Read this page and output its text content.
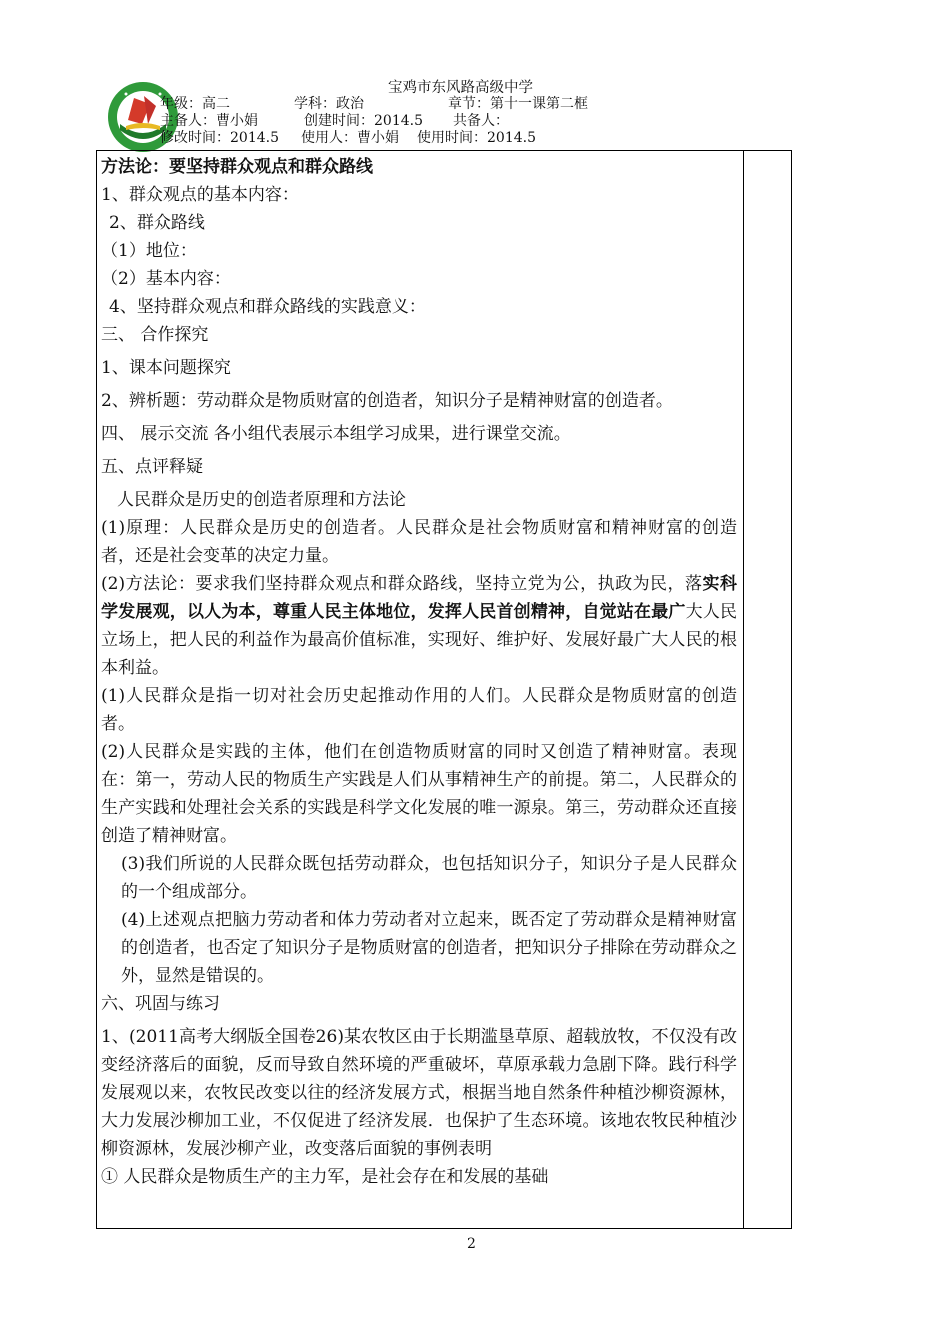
宝鸡市东风路高级中学
年级：高二	学科：政治	章节：第十一课第二框
主备人：曹小娟	创建时间：2014.5 共备人：
修改时间：2014.5 使用人：曹小娟 使用时间：2014.5

方法论：要坚持群众观点和群众路线

1、群众观点的基本内容：

2、群众路线

（1）地位：

（2）基本内容：

4、坚持群众观点和群众路线的实践意义：

三、 合作探究

1、课本问题探究

2、辨析题：劳动群众是物质财富的创造者，知识分子是精神财富的创造者。

四、 展示交流 各小组代表展示本组学习成果，进行课堂交流。

五、点评释疑

人民群众是历史的创造者原理和方法论

(1)原理：人民群众是历史的创造者。人民群众是社会物质财富和精神财富的创造者，还是社会变革的决定力量。

(2)方法论：要求我们坚持群众观点和群众路线，坚持立党为公，执政为民，落实科学发展观，以人为本，尊重人民主体地位，发挥人民首创精神，自觉站在最广大人民立场上，把人民的利益作为最高价值标准，实现好、维护好、发展好最广大人民的根本利益。

(1)人民群众是指一切对社会历史起推动作用的人们。人民群众是物质财富的创造者。

(2)人民群众是实践的主体，他们在创造物质财富的同时又创造了精神财富。表现在：第一，劳动人民的物质生产实践是人们从事精神生产的前提。第二，人民群众的生产实践和处理社会关系的实践是科学文化发展的唯一源泉。第三，劳动群众还直接创造了精神财富。

(3)我们所说的人民群众既包括劳动群众，也包括知识分子，知识分子是人民群众的一个组成部分。

(4)上述观点把脑力劳动者和体力劳动者对立起来，既否定了劳动群众是精神财富的创造者，也否定了知识分子是物质财富的创造者，把知识分子排除在劳动群众之外，显然是错误的。

六、巩固与练习

1、(2011高考大纲版全国卷26)某农牧区由于长期滥垦草原、超载放牧，不仅没有改变经济落后的面貌，反而导致自然环境的严重破坏，草原承载力急剧下降。践行科学发展观以来，农牧民改变以往的经济发展方式，根据当地自然条件种植沙柳资源林，大力发展沙柳加工业，不仅促进了经济发展．也保护了生态环境。该地农牧民种植沙柳资源林，发展沙柳产业，改变落后面貌的事例表明

① 人民群众是物质生产的主力军，是社会存在和发展的基础

2
